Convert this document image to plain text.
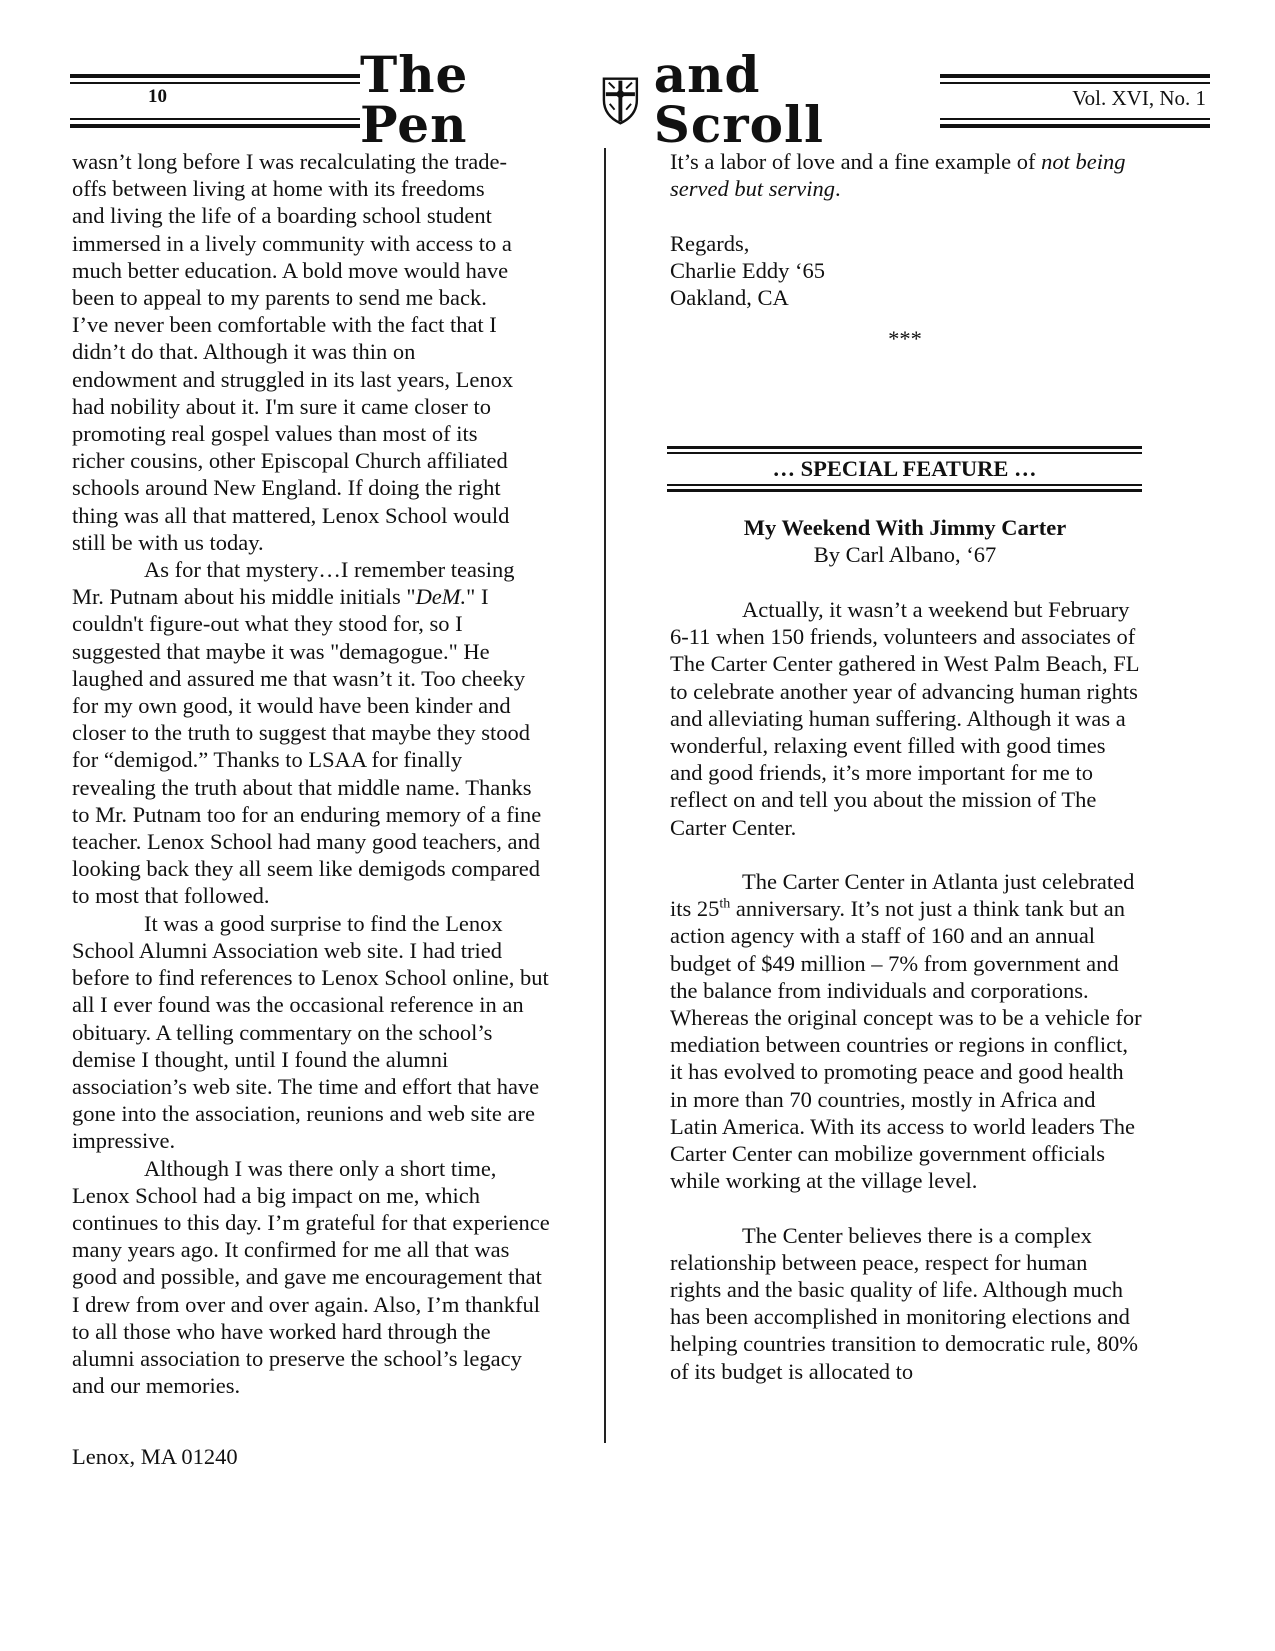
10	The Pen
and Scroll	Vol. XVI, No. 1
wasn’t long before I was recalculating the trade-
offs between living at home with its freedoms
and living the life of a boarding school student
immersed in a lively community with access to a
much better education. A bold move would have
been to appeal to my parents to send me back.
I’ve never been comfortable with the fact that I
didn’t do that. Although it was thin on
endowment and struggled in its last years, Lenox
had nobility about it. I'm sure it came closer to
promoting real gospel values than most of its
richer cousins, other Episcopal Church affiliated
schools around New England. If doing the right
thing was all that mattered, Lenox School would
still be with us today.

As for that mystery…I remember teasing Mr. Putnam about his middle initials "DeM." I couldn't figure-out what they stood for, so I suggested that maybe it was "demagogue." He laughed and assured me that wasn’t it. Too cheeky for my own good, it would have been kinder and closer to the truth to suggest that maybe they stood for “demigod.” Thanks to LSAA for finally revealing the truth about that middle name. Thanks to Mr. Putnam too for an enduring memory of a fine teacher. Lenox School had many good teachers, and looking back they all seem like demigods compared to most that followed.

It was a good surprise to find the Lenox School Alumni Association web site. I had tried before to find references to Lenox School online, but all I ever found was the occasional reference in an obituary. A telling commentary on the school’s demise I thought, until I found the alumni association’s web site. The time and effort that have gone into the association, reunions and web site are impressive.

Although I was there only a short time, Lenox School had a big impact on me, which continues to this day. I’m grateful for that experience many years ago. It confirmed for me all that was good and possible, and gave me encouragement that I drew from over and over again. Also, I’m thankful to all those who have worked hard through the alumni association to preserve the school’s legacy and our memories.

Lenox, MA 01240

It’s a labor of love and a fine example of not being served but serving.

Regards,
Charlie Eddy ‘65
Oakland, CA
***
… SPECIAL FEATURE …
My Weekend With Jimmy Carter
By Carl Albano, ‘67

Actually, it wasn’t a weekend but February 6-11 when 150 friends, volunteers and associates of The Carter Center gathered in West Palm Beach, FL to celebrate another year of advancing human rights and alleviating human suffering. Although it was a wonderful, relaxing event filled with good times and good friends, it’s more important for me to reflect on and tell you about the mission of The Carter Center.

The Carter Center in Atlanta just celebrated its 25th anniversary. It’s not just a think tank but an action agency with a staff of 160 and an annual budget of $49 million – 7% from government and the balance from individuals and corporations. Whereas the original concept was to be a vehicle for mediation between countries or regions in conflict, it has evolved to promoting peace and good health in more than 70 countries, mostly in Africa and Latin America. With its access to world leaders The Carter Center can mobilize government officials while working at the village level.

The Center believes there is a complex relationship between peace, respect for human rights and the basic quality of life. Although much has been accomplished in monitoring elections and helping countries transition to democratic rule, 80% of its budget is allocated to
